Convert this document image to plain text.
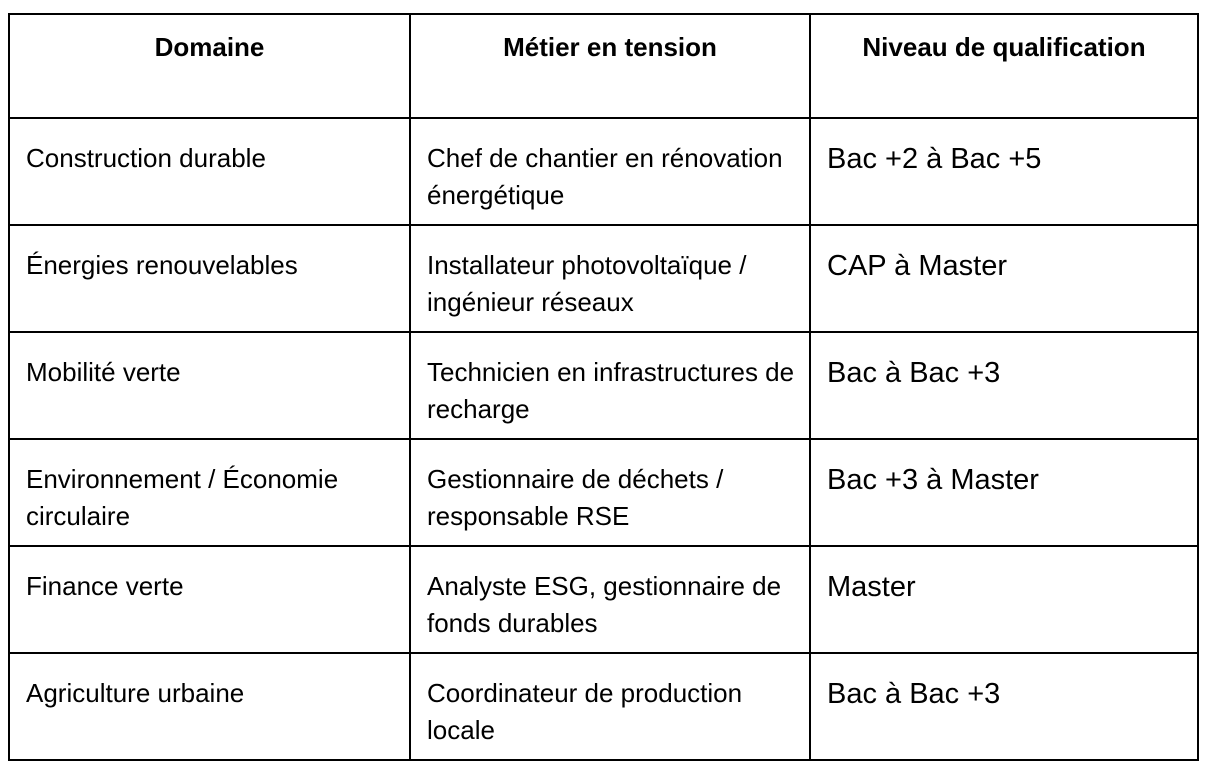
Domaine	Métier en tension	Niveau de qualification
Construction durable	Chef de chantier en rénovation énergétique	Bac +2 à Bac +5
Énergies renouvelables	Installateur photovoltaïque / ingénieur réseaux	CAP à Master
Mobilité verte	Technicien en infrastructures de recharge	Bac à Bac +3
Environnement / Économie circulaire	Gestionnaire de déchets / responsable RSE	Bac +3 à Master
Finance verte	Analyste ESG, gestionnaire de fonds durables	Master
Agriculture urbaine	Coordinateur de production locale	Bac à Bac +3
